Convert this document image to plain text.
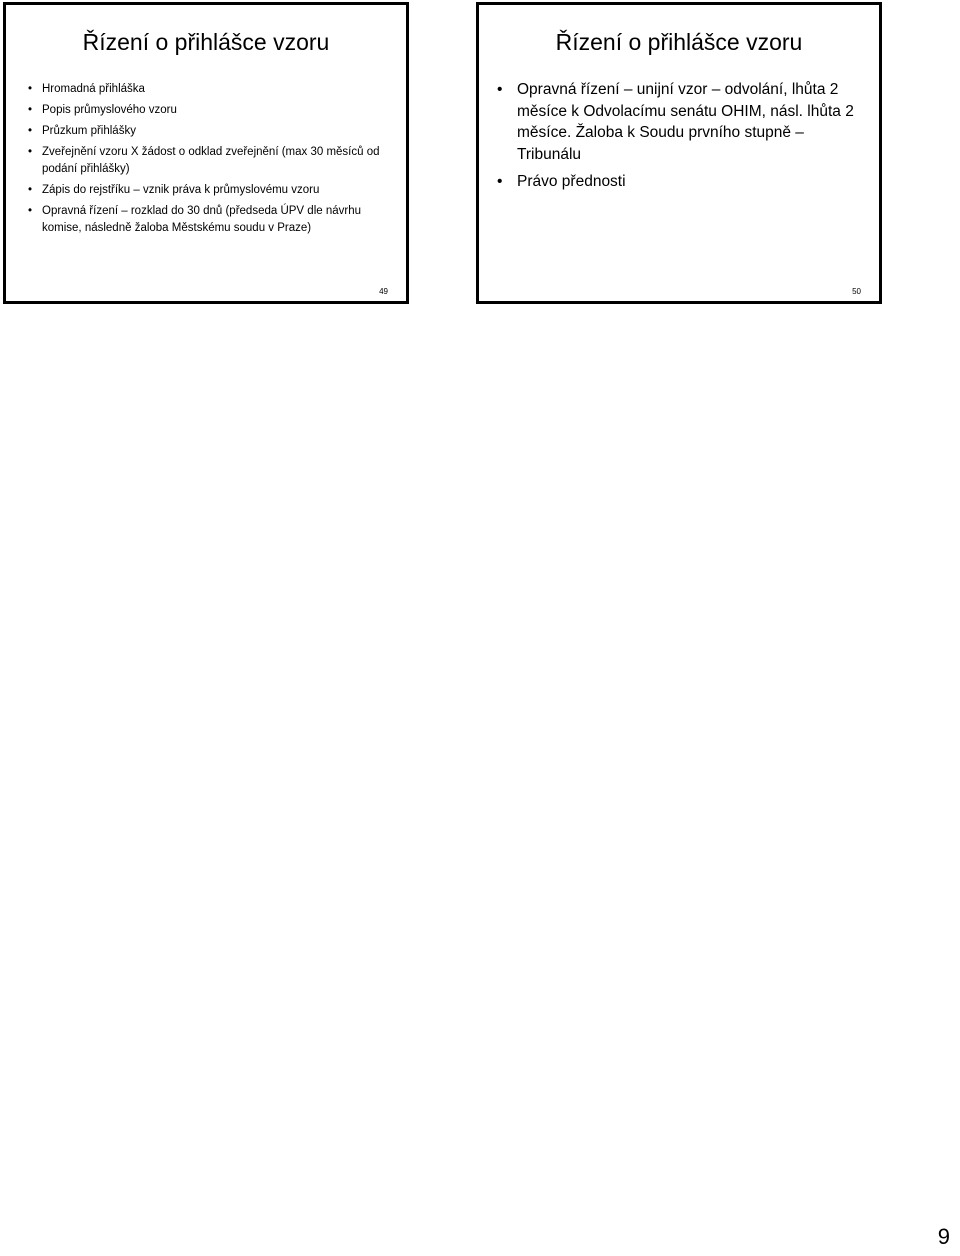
Řízení o přihlášce vzoru
• Hromadná přihláška
• Popis průmyslového vzoru
• Průzkum přihlášky
• Zveřejnění vzoru X žádost o odklad zveřejnění (max 30 měsíců od podání přihlášky)
• Zápis do rejstříku – vznik práva k průmyslovému vzoru
• Opravná řízení – rozklad do 30 dnů (předseda ÚPV dle návrhu komise, následně žaloba Městskému soudu v Praze)
49
Řízení o přihlášce vzoru
• Opravná řízení – unijní vzor – odvolání, lhůta 2 měsíce k Odvolacímu senátu OHIM, násl. lhůta 2 měsíce. Žaloba k Soudu prvního stupně – Tribunálu
• Právo přednosti
50
9
